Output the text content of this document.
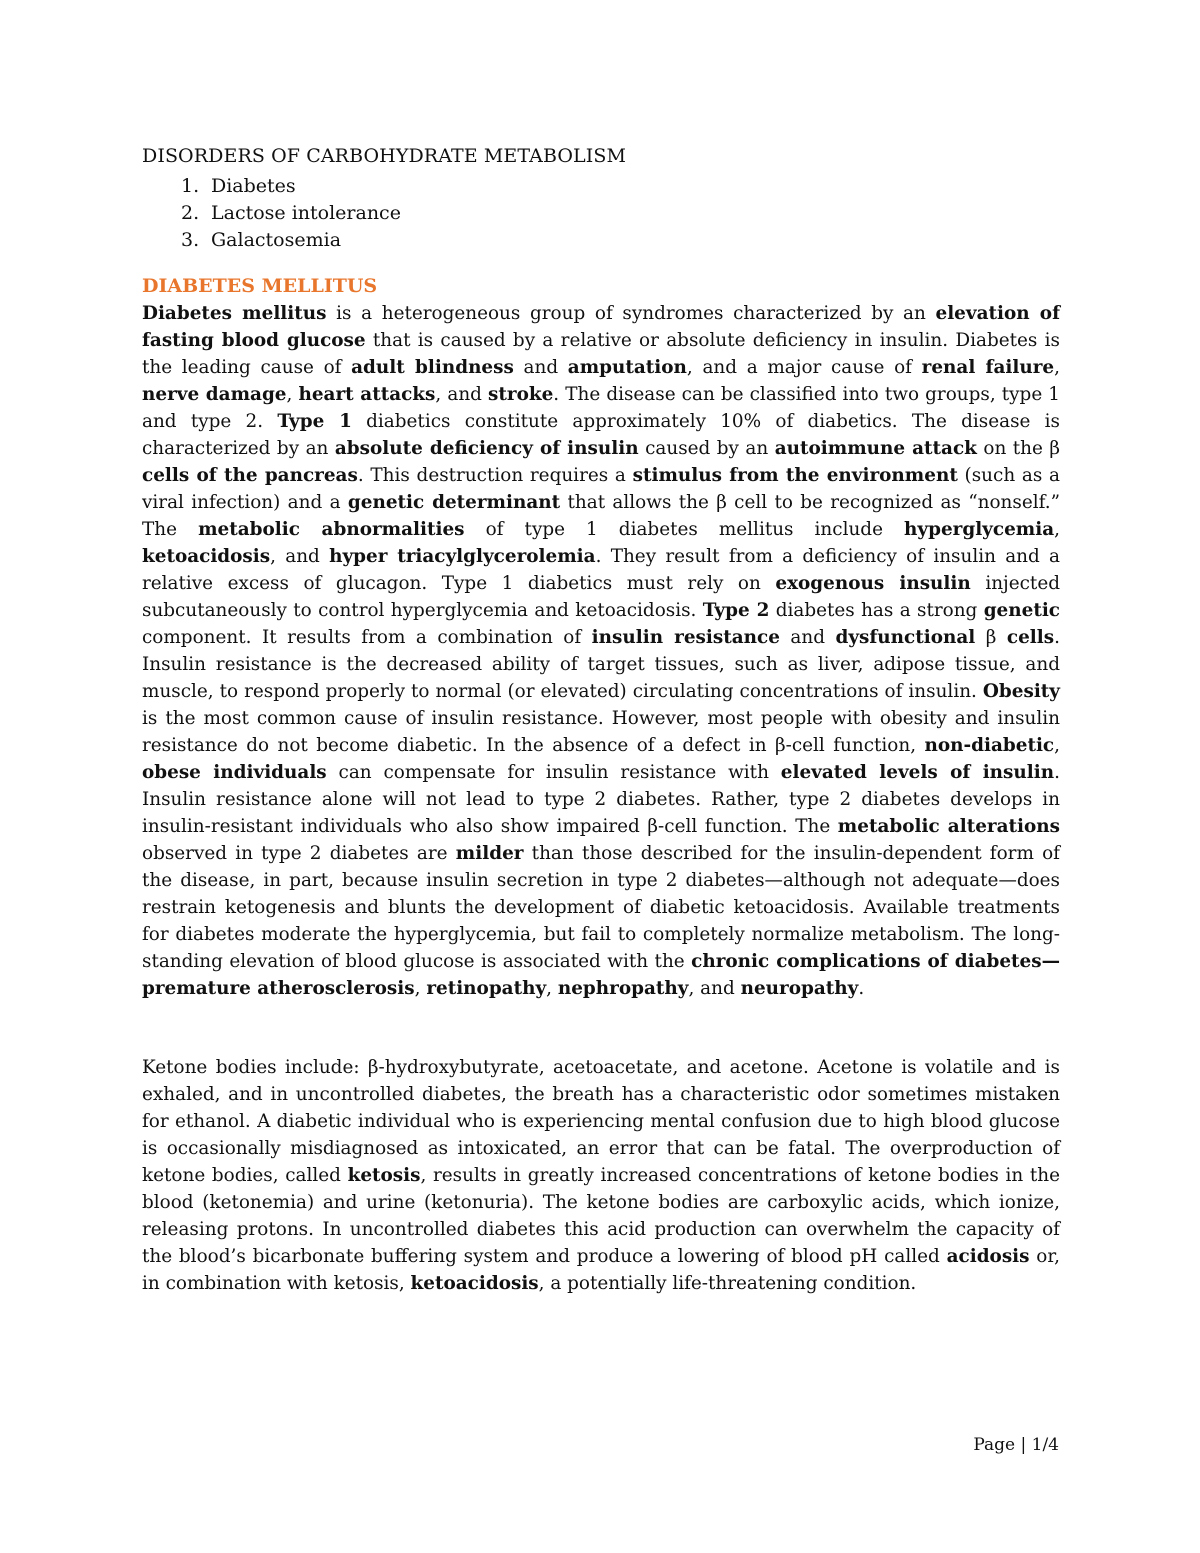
DISORDERS OF CARBOHYDRATE METABOLISM
1. Diabetes
2. Lactose intolerance
3. Galactosemia
DIABETES MELLITUS

Diabetes mellitus is a heterogeneous group of syndromes characterized by an elevation of fasting blood glucose that is caused by a relative or absolute deficiency in insulin. Diabetes is the leading cause of adult blindness and amputation, and a major cause of renal failure, nerve damage, heart attacks, and stroke. The disease can be classified into two groups, type 1 and type 2. Type 1 diabetics constitute approximately 10% of diabetics. The disease is characterized by an absolute deficiency of insulin caused by an autoimmune attack on the β cells of the pancreas. This destruction requires a stimulus from the environment (such as a viral infection) and a genetic determinant that allows the β cell to be recognized as “nonself.” The metabolic abnormalities of type 1 diabetes mellitus include hyperglycemia, ketoacidosis, and hyper triacylglycerolemia. They result from a deficiency of insulin and a relative excess of glucagon. Type 1 diabetics must rely on exogenous insulin injected subcutaneously to control hyperglycemia and ketoacidosis. Type 2 diabetes has a strong genetic component. It results from a combination of insulin resistance and dysfunctional β cells. Insulin resistance is the decreased ability of target tissues, such as liver, adipose tissue, and muscle, to respond properly to normal (or elevated) circulating concentrations of insulin. Obesity is the most common cause of insulin resistance. However, most people with obesity and insulin resistance do not become diabetic. In the absence of a defect in β-cell function, non-diabetic, obese individuals can compensate for insulin resistance with elevated levels of insulin. Insulin resistance alone will not lead to type 2 diabetes. Rather, type 2 diabetes develops in insulin-resistant individuals who also show impaired β-cell function. The metabolic alterations observed in type 2 diabetes are milder than those described for the insulin-dependent form of the disease, in part, because insulin secretion in type 2 diabetes—although not adequate—does restrain ketogenesis and blunts the development of diabetic ketoacidosis. Available treatments for diabetes moderate the hyperglycemia, but fail to completely normalize metabolism. The long-standing elevation of blood glucose is associated with the chronic complications of diabetes—premature atherosclerosis, retinopathy, nephropathy, and neuropathy.

Ketone bodies include: β-hydroxybutyrate, acetoacetate, and acetone. Acetone is volatile and is exhaled, and in uncontrolled diabetes, the breath has a characteristic odor sometimes mistaken for ethanol. A diabetic individual who is experiencing mental confusion due to high blood glucose is occasionally misdiagnosed as intoxicated, an error that can be fatal. The overproduction of ketone bodies, called ketosis, results in greatly increased concentrations of ketone bodies in the blood (ketonemia) and urine (ketonuria). The ketone bodies are carboxylic acids, which ionize, releasing protons. In uncontrolled diabetes this acid production can overwhelm the capacity of the blood’s bicarbonate buffering system and produce a lowering of blood pH called acidosis or, in combination with ketosis, ketoacidosis, a potentially life-threatening condition.

Page | 1/4
